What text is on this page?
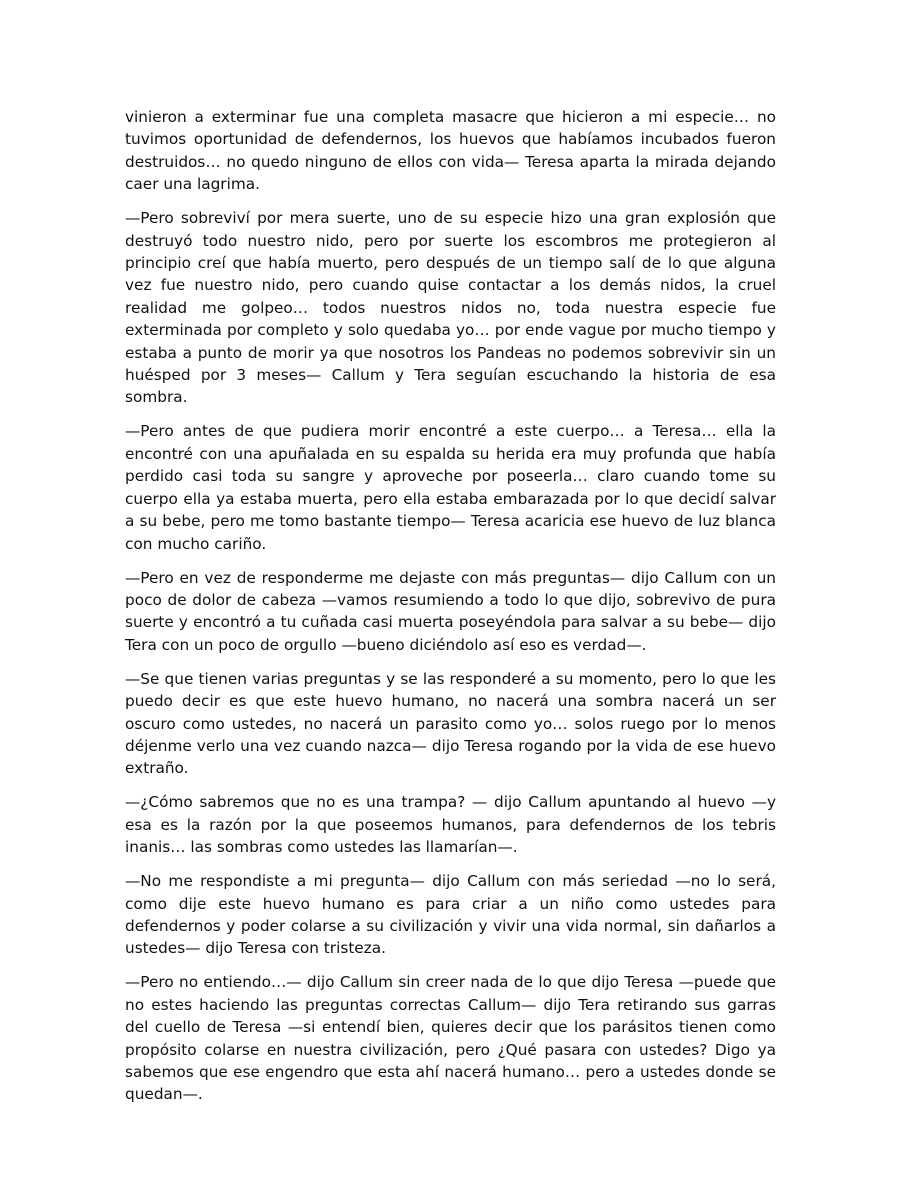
vinieron a exterminar fue una completa masacre que hicieron a mi especie… no tuvimos oportunidad de defendernos, los huevos que habíamos incubados fueron destruidos… no quedo ninguno de ellos con vida— Teresa aparta la mirada dejando caer una lagrima.

—Pero sobreviví por mera suerte, uno de su especie hizo una gran explosión que destruyó todo nuestro nido, pero por suerte los escombros me protegieron al principio creí que había muerto, pero después de un tiempo salí de lo que alguna vez fue nuestro nido, pero cuando quise contactar a los demás nidos, la cruel realidad me golpeo… todos nuestros nidos no, toda nuestra especie fue exterminada por completo y solo quedaba yo… por ende vague por mucho tiempo y estaba a punto de morir ya que nosotros los Pandeas no podemos sobrevivir sin un huésped por 3 meses— Callum y Tera seguían escuchando la historia de esa sombra.

—Pero antes de que pudiera morir encontré a este cuerpo… a Teresa… ella la encontré con una apuñalada en su espalda su herida era muy profunda que había perdido casi toda su sangre y aproveche por poseerla… claro cuando tome su cuerpo ella ya estaba muerta, pero ella estaba embarazada por lo que decidí salvar a su bebe, pero me tomo bastante tiempo— Teresa acaricia ese huevo de luz blanca con mucho cariño.

—Pero en vez de responderme me dejaste con más preguntas— dijo Callum con un poco de dolor de cabeza —vamos resumiendo a todo lo que dijo, sobrevivo de pura suerte y encontró a tu cuñada casi muerta poseyéndola para salvar a su bebe— dijo Tera con un poco de orgullo —bueno diciéndolo así eso es verdad—.

—Se que tienen varias preguntas y se las responderé a su momento, pero lo que les puedo decir es que este huevo humano, no nacerá una sombra nacerá un ser oscuro como ustedes, no nacerá un parasito como yo… solos ruego por lo menos déjenme verlo una vez cuando nazca— dijo Teresa rogando por la vida de ese huevo extraño.

—¿Cómo sabremos que no es una trampa? — dijo Callum apuntando al huevo —y esa es la razón por la que poseemos humanos, para defendernos de los tebris inanis… las sombras como ustedes las llamarían—.

—No me respondiste a mi pregunta— dijo Callum con más seriedad —no lo será, como dije este huevo humano es para criar a un niño como ustedes para defendernos y poder colarse a su civilización y vivir una vida normal, sin dañarlos a ustedes— dijo Teresa con tristeza.

—Pero no entiendo…— dijo Callum sin creer nada de lo que dijo Teresa —puede que no estes haciendo las preguntas correctas Callum— dijo Tera retirando sus garras del cuello de Teresa —si entendí bien, quieres decir que los parásitos tienen como propósito colarse en nuestra civilización, pero ¿Qué pasara con ustedes? Digo ya sabemos que ese engendro que esta ahí nacerá humano… pero a ustedes donde se quedan—.
